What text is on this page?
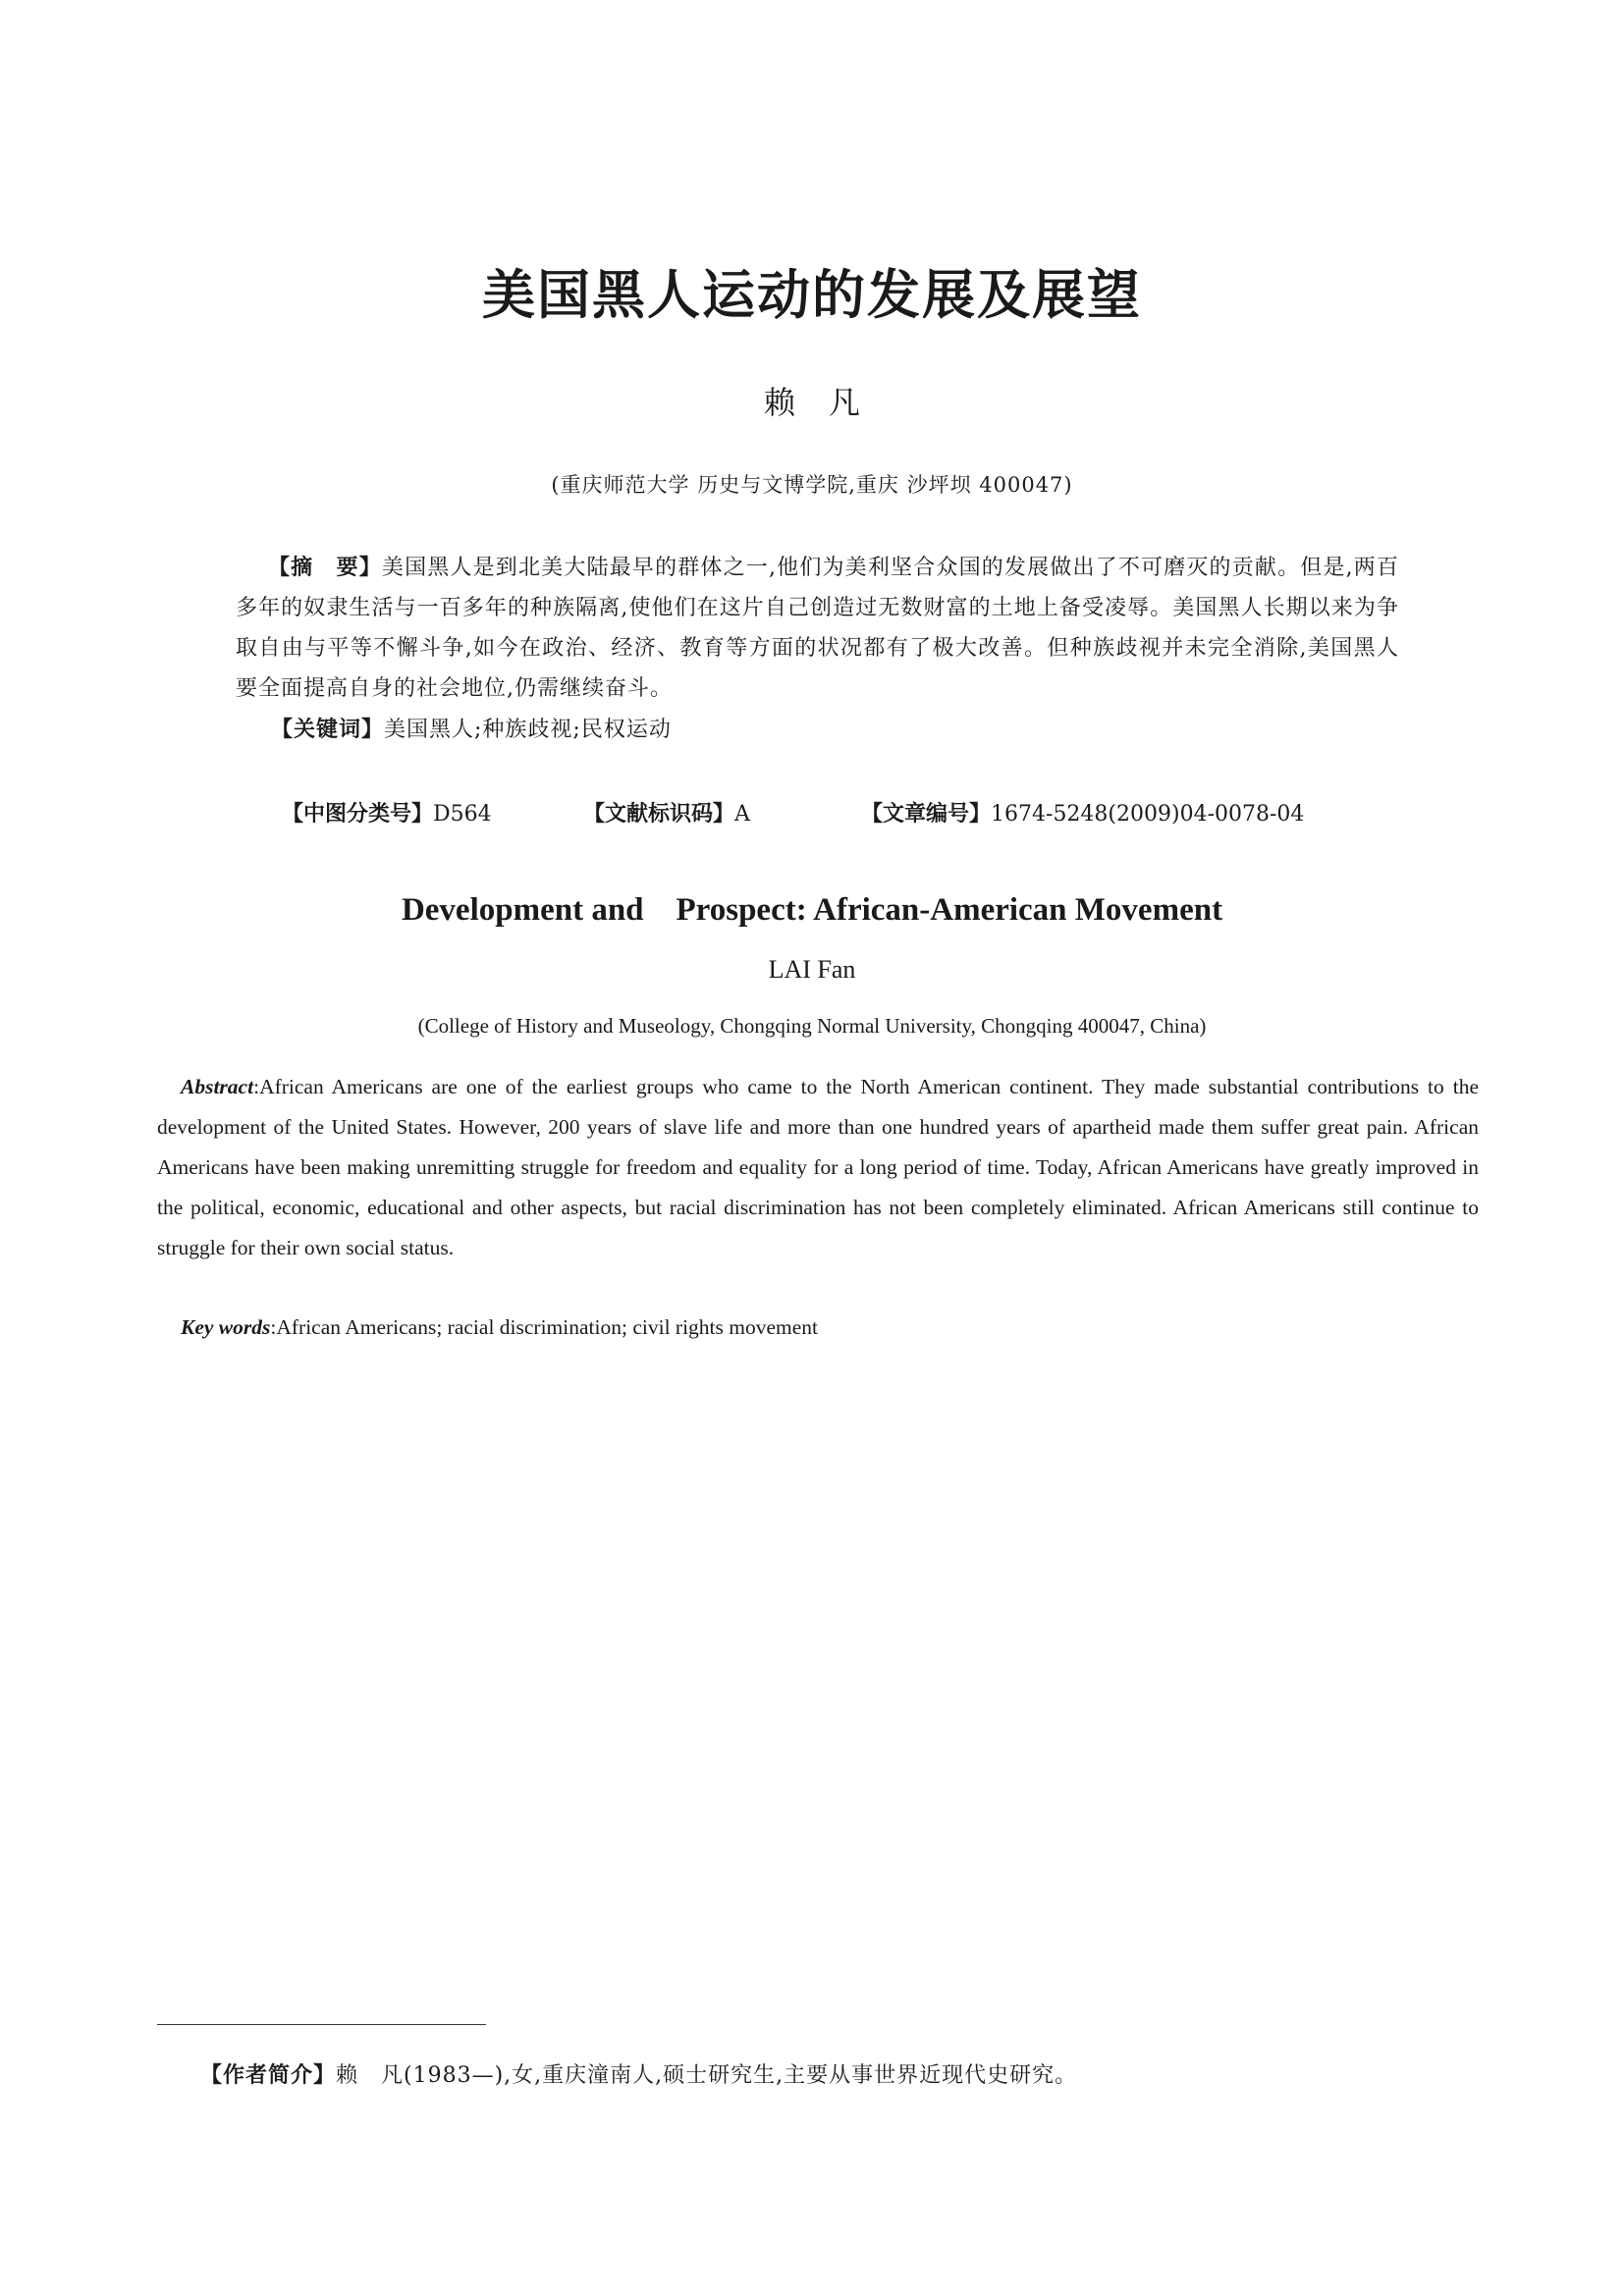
美国黑人运动的发展及展望
赖凡
(重庆师范大学 历史与文博学院,重庆 沙坪坝 400047)
【摘　要】美国黑人是到北美大陆最早的群体之一,他们为美利坚合众国的发展做出了不可磨灭的贡献。但是,两百多年的奴隶生活与一百多年的种族隔离,使他们在这片自己创造过无数财富的土地上备受凌辱。美国黑人长期以来为争取自由与平等不懈斗争,如今在政治、经济、教育等方面的状况都有了极大改善。但种族歧视并未完全消除,美国黑人要全面提高自身的社会地位,仍需继续奋斗。
【关键词】美国黑人;种族歧视;民权运动
【中图分类号】D564	【文献标识码】A	【文章编号】1674-5248(2009)04-0078-04
Development and　Prospect: African-American Movement
LAI Fan
(College of History and Museology, Chongqing Normal University, Chongqing 400047, China)
Abstract:African Americans are one of the earliest groups who came to the North American continent. They made substantial contributions to the development of the United States. However, 200 years of slave life and more than one hundred years of apartheid made them suffer great pain. African Americans have been making unremitting struggle for freedom and equality for a long period of time. Today, African Americans have greatly improved in the political, economic, educational and other aspects, but racial discrimination has not been completely eliminated. African Americans still continue to struggle for their own social status.
Key words:African Americans; racial discrimination; civil rights movement
【作者简介】赖　凡(1983—),女,重庆潼南人,硕士研究生,主要从事世界近现代史研究。
